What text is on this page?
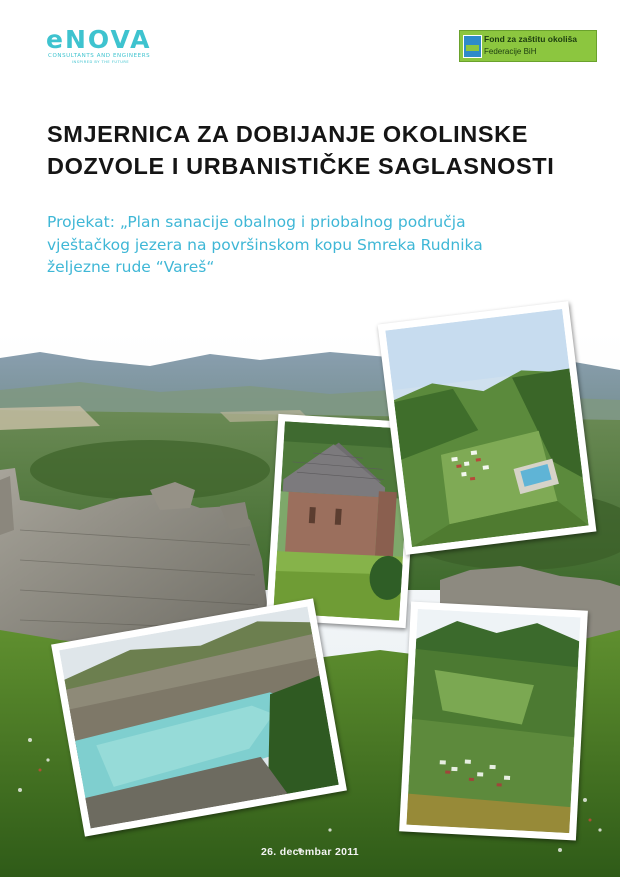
eNOVA
CONSULTANTS AND ENGINEERS
INSPIRED BY THE FUTURE
Fond za zaštitu okoliša
Federacije BiH
SMJERNICA ZA DOBIJANJE OKOLINSKE
DOZVOLE I URBANISTIČKE SAGLASNOSTI
Projekat: „Plan sanacije obalnog i priobalnog područja
vještačkog jezera na površinskom kopu Smreka Rudnika
željezne rude “Vareš“
26. decembar 2011
